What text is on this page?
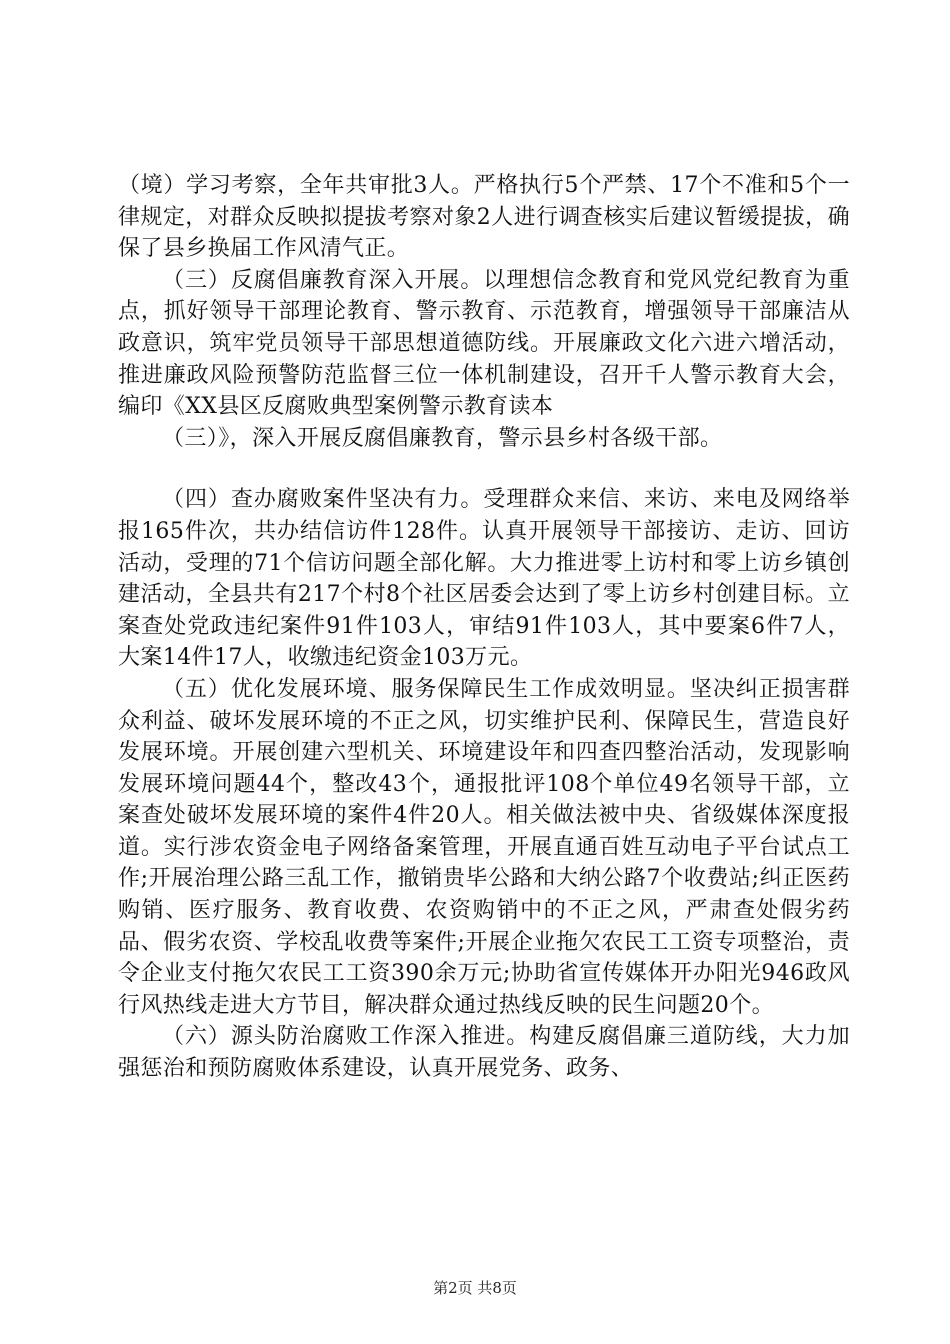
（境）学习考察，全年共审批3人。严格执行5个严禁、17个不准和5个一律规定，对群众反映拟提拔考察对象2人进行调查核实后建议暂缓提拔，确保了县乡换届工作风清气正。

（三）反腐倡廉教育深入开展。以理想信念教育和党风党纪教育为重点，抓好领导干部理论教育、警示教育、示范教育，增强领导干部廉洁从政意识，筑牢党员领导干部思想道德防线。开展廉政文化六进六增活动，推进廉政风险预警防范监督三位一体机制建设，召开千人警示教育大会，编印《XX县区反腐败典型案例警示教育读本

（三）》，深入开展反腐倡廉教育，警示县乡村各级干部。

（四）查办腐败案件坚决有力。受理群众来信、来访、来电及网络举报165件次，共办结信访件128件。认真开展领导干部接访、走访、回访活动，受理的71个信访问题全部化解。大力推进零上访村和零上访乡镇创建活动，全县共有217个村8个社区居委会达到了零上访乡村创建目标。立案查处党政违纪案件91件103人，审结91件103人，其中要案6件7人，大案14件17人，收缴违纪资金103万元。

（五）优化发展环境、服务保障民生工作成效明显。坚决纠正损害群众利益、破坏发展环境的不正之风，切实维护民利、保障民生，营造良好发展环境。开展创建六型机关、环境建设年和四查四整治活动，发现影响发展环境问题44个，整改43个，通报批评108个单位49名领导干部，立案查处破坏发展环境的案件4件20人。相关做法被中央、省级媒体深度报道。实行涉农资金电子网络备案管理，开展直通百姓互动电子平台试点工作;开展治理公路三乱工作，撤销贵毕公路和大纳公路7个收费站;纠正医药购销、医疗服务、教育收费、农资购销中的不正之风，严肃查处假劣药品、假劣农资、学校乱收费等案件;开展企业拖欠农民工工资专项整治，责令企业支付拖欠农民工工资390余万元;协助省宣传媒体开办阳光946政风行风热线走进大方节目，解决群众通过热线反映的民生问题20个。

（六）源头防治腐败工作深入推进。构建反腐倡廉三道防线，大力加强惩治和预防腐败体系建设，认真开展党务、政务、

第2页 共8页
